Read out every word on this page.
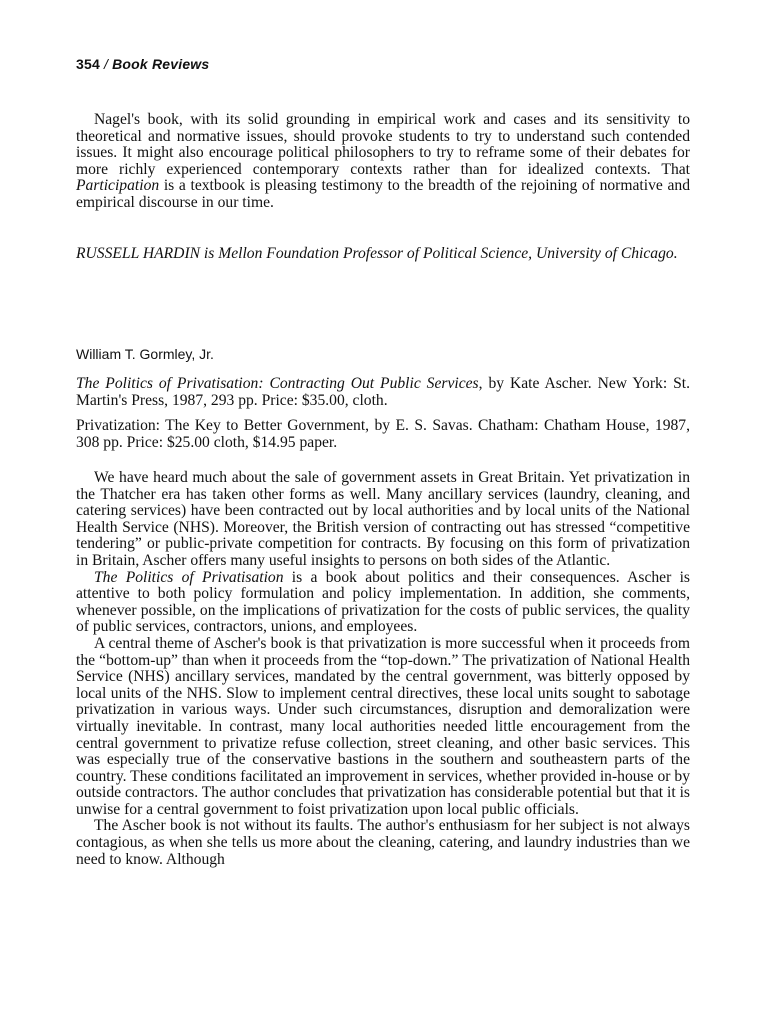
354 / Book Reviews

Nagel's book, with its solid grounding in empirical work and cases and its sensitivity to theoretical and normative issues, should provoke students to try to understand such contended issues. It might also encourage political philosophers to try to reframe some of their debates for more richly experienced contemporary contexts rather than for idealized contexts. That Participation is a textbook is pleasing testimony to the breadth of the rejoining of normative and empirical discourse in our time.

RUSSELL HARDIN is Mellon Foundation Professor of Political Science, University of Chicago.

William T. Gormley, Jr.

The Politics of Privatisation: Contracting Out Public Services, by Kate Ascher. New York: St. Martin's Press, 1987, 293 pp. Price: $35.00, cloth.

Privatization: The Key to Better Government, by E. S. Savas. Chatham: Chatham House, 1987, 308 pp. Price: $25.00 cloth, $14.95 paper.

We have heard much about the sale of government assets in Great Britain. Yet privatization in the Thatcher era has taken other forms as well. Many ancillary services (laundry, cleaning, and catering services) have been contracted out by local authorities and by local units of the National Health Service (NHS). Moreover, the British version of contracting out has stressed “competitive tendering” or public-private competition for contracts. By focusing on this form of privatization in Britain, Ascher offers many useful insights to persons on both sides of the Atlantic.

The Politics of Privatisation is a book about politics and their consequences. Ascher is attentive to both policy formulation and policy implementation. In addition, she comments, whenever possible, on the implications of privatization for the costs of public services, the quality of public services, contractors, unions, and employees.

A central theme of Ascher's book is that privatization is more successful when it proceeds from the “bottom-up” than when it proceeds from the “top-down.” The privatization of National Health Service (NHS) ancillary services, mandated by the central government, was bitterly opposed by local units of the NHS. Slow to implement central directives, these local units sought to sabotage privatization in various ways. Under such circumstances, disruption and demoralization were virtually inevitable. In contrast, many local authorities needed little encouragement from the central government to privatize refuse collection, street cleaning, and other basic services. This was especially true of the conservative bastions in the southern and southeastern parts of the country. These conditions facilitated an improvement in services, whether provided in-house or by outside contractors. The author concludes that privatization has considerable potential but that it is unwise for a central government to foist privatization upon local public officials.

The Ascher book is not without its faults. The author's enthusiasm for her subject is not always contagious, as when she tells us more about the cleaning, catering, and laundry industries than we need to know. Although
